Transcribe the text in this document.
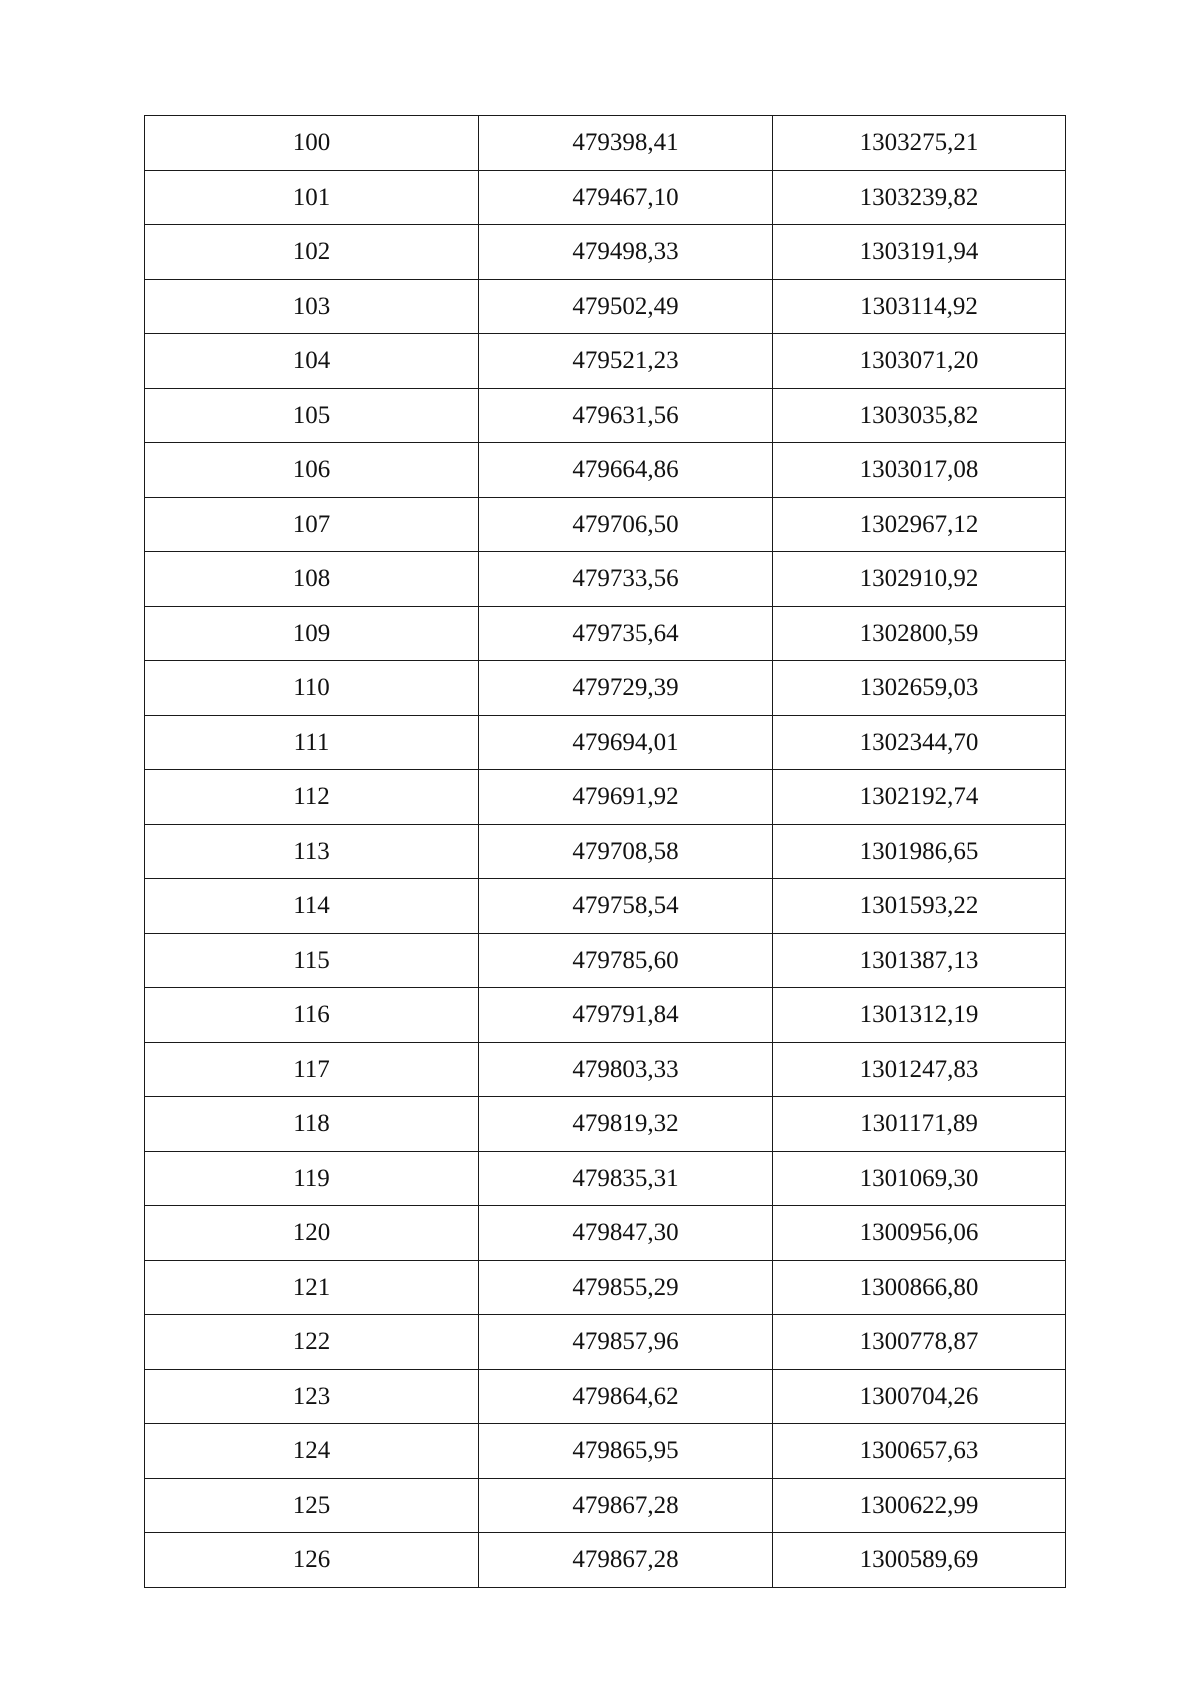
100	479398,41	1303275,21
101	479467,10	1303239,82
102	479498,33	1303191,94
103	479502,49	1303114,92
104	479521,23	1303071,20
105	479631,56	1303035,82
106	479664,86	1303017,08
107	479706,50	1302967,12
108	479733,56	1302910,92
109	479735,64	1302800,59
110	479729,39	1302659,03
111	479694,01	1302344,70
112	479691,92	1302192,74
113	479708,58	1301986,65
114	479758,54	1301593,22
115	479785,60	1301387,13
116	479791,84	1301312,19
117	479803,33	1301247,83
118	479819,32	1301171,89
119	479835,31	1301069,30
120	479847,30	1300956,06
121	479855,29	1300866,80
122	479857,96	1300778,87
123	479864,62	1300704,26
124	479865,95	1300657,63
125	479867,28	1300622,99
126	479867,28	1300589,69
